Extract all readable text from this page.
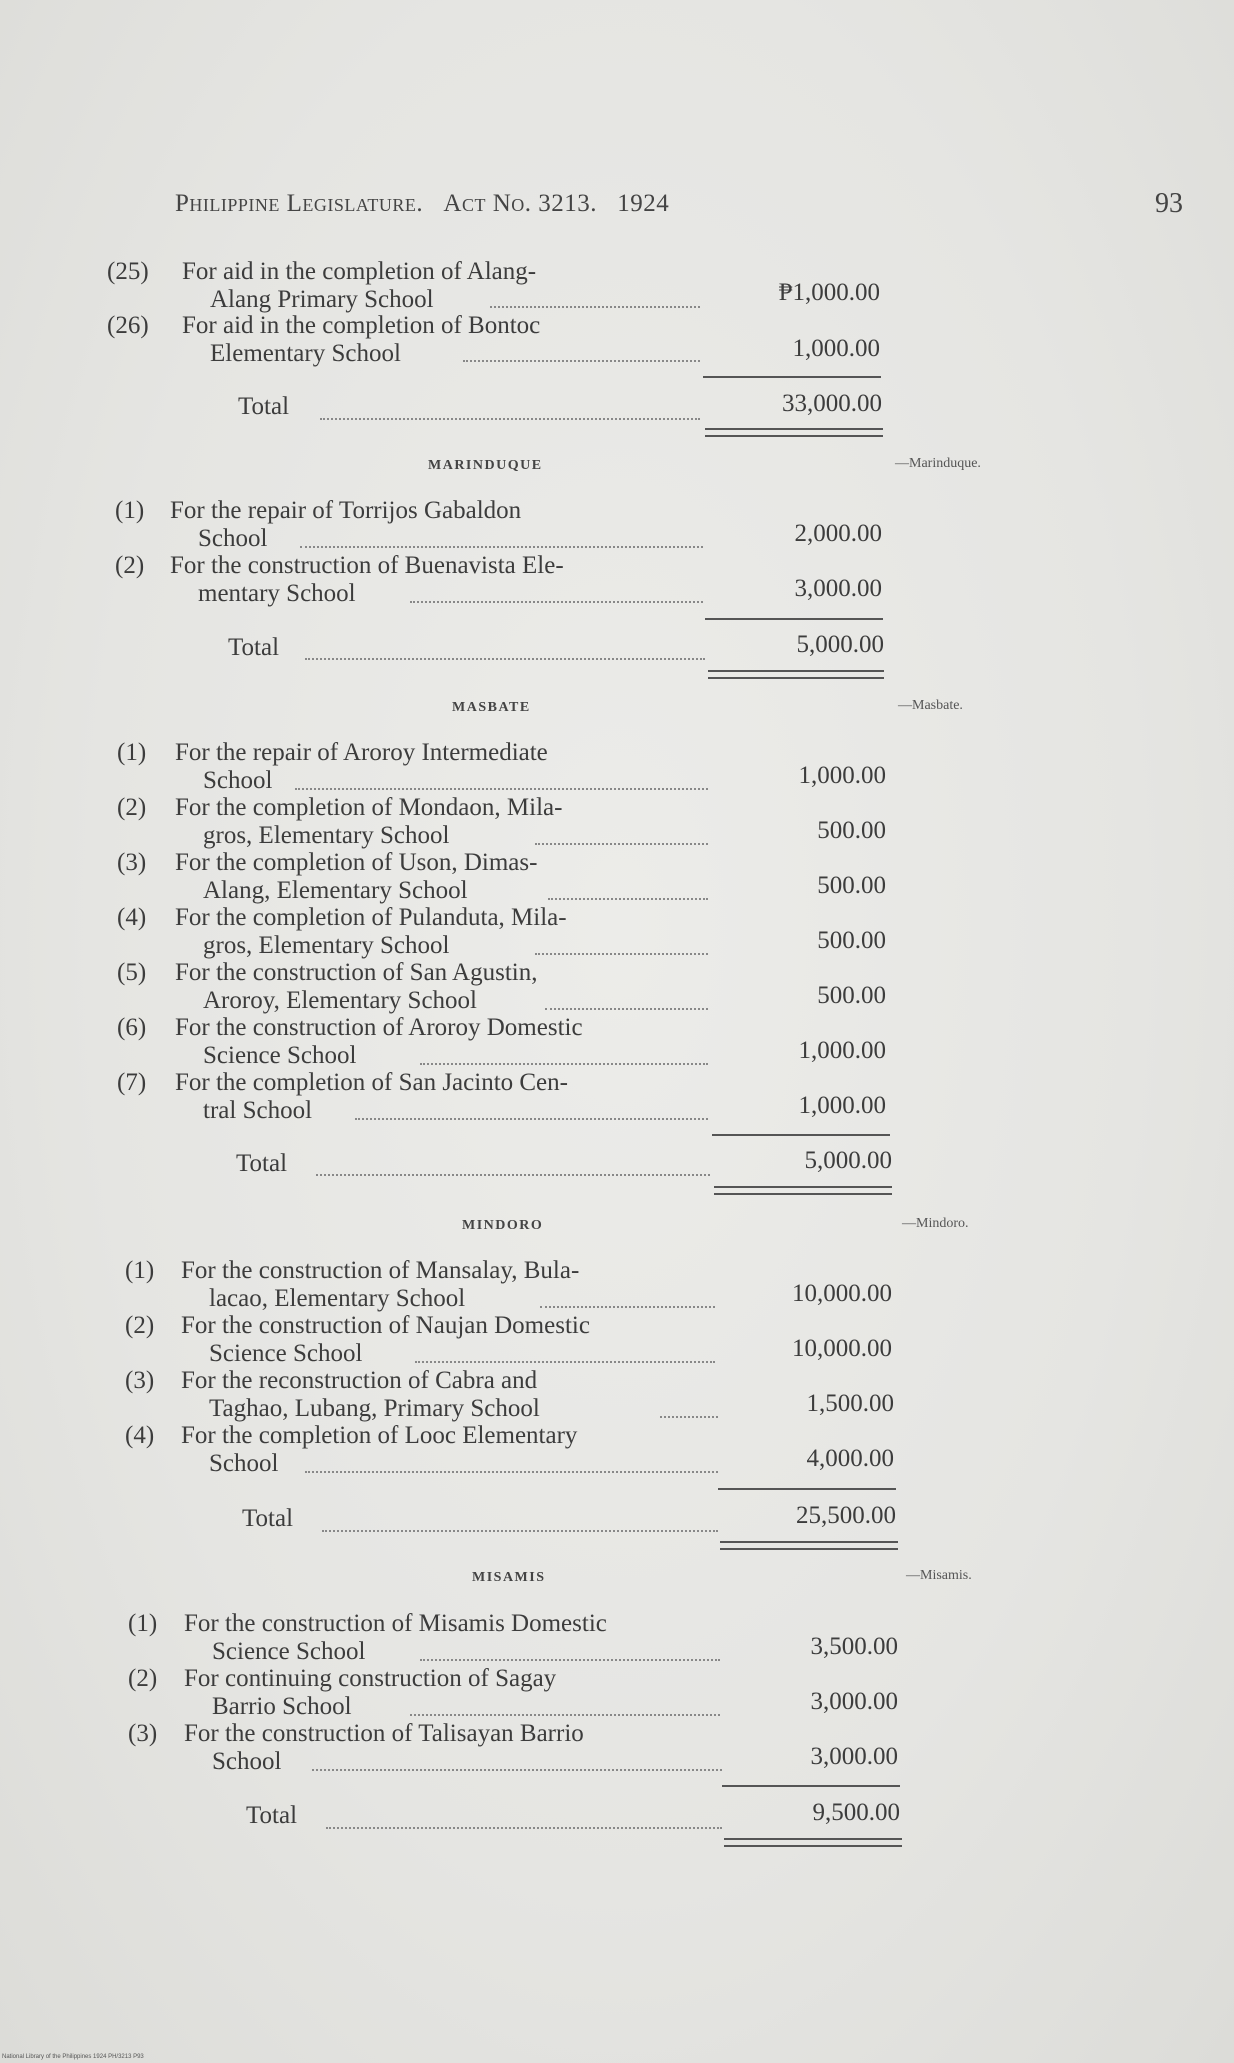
Philippine Legislature. Act No. 3213. 1924	93
(25) For aid in the completion of Alang-
Alang Primary School	₱1,000.00
(26) For aid in the completion of Bontoc
Elementary School	1,000.00
Total	33,000.00
MARINDUQUE	—Marinduque.
(1) For the repair of Torrijos Gabaldon
School	2,000.00
(2) For the construction of Buenavista Ele-
mentary School	3,000.00
Total	5,000.00
MASBATE	—Masbate.
(1) For the repair of Aroroy Intermediate
School	1,000.00
(2) For the completion of Mondaon, Mila-
gros, Elementary School	500.00
(3) For the completion of Uson, Dimas-
Alang, Elementary School	500.00
(4) For the completion of Pulanduta, Mila-
gros, Elementary School	500.00
(5) For the construction of San Agustin,
Aroroy, Elementary School	500.00
(6) For the construction of Aroroy Domestic
Science School	1,000.00
(7) For the completion of San Jacinto Cen-
tral School	1,000.00
Total	5,000.00
MINDORO	—Mindoro.
(1) For the construction of Mansalay, Bula-
lacao, Elementary School	10,000.00
(2) For the construction of Naujan Domestic
Science School	10,000.00
(3) For the reconstruction of Cabra and
Taghao, Lubang, Primary School	1,500.00
(4) For the completion of Looc Elementary
School	4,000.00
Total	25,500.00
MISAMIS	—Misamis.
(1) For the construction of Misamis Domestic
Science School	3,500.00
(2) For continuing construction of Sagay
Barrio School	3,000.00
(3) For the construction of Talisayan Barrio
School	3,000.00
Total	9,500.00
National Library of the Philippines 1924 PH/3213 P93
